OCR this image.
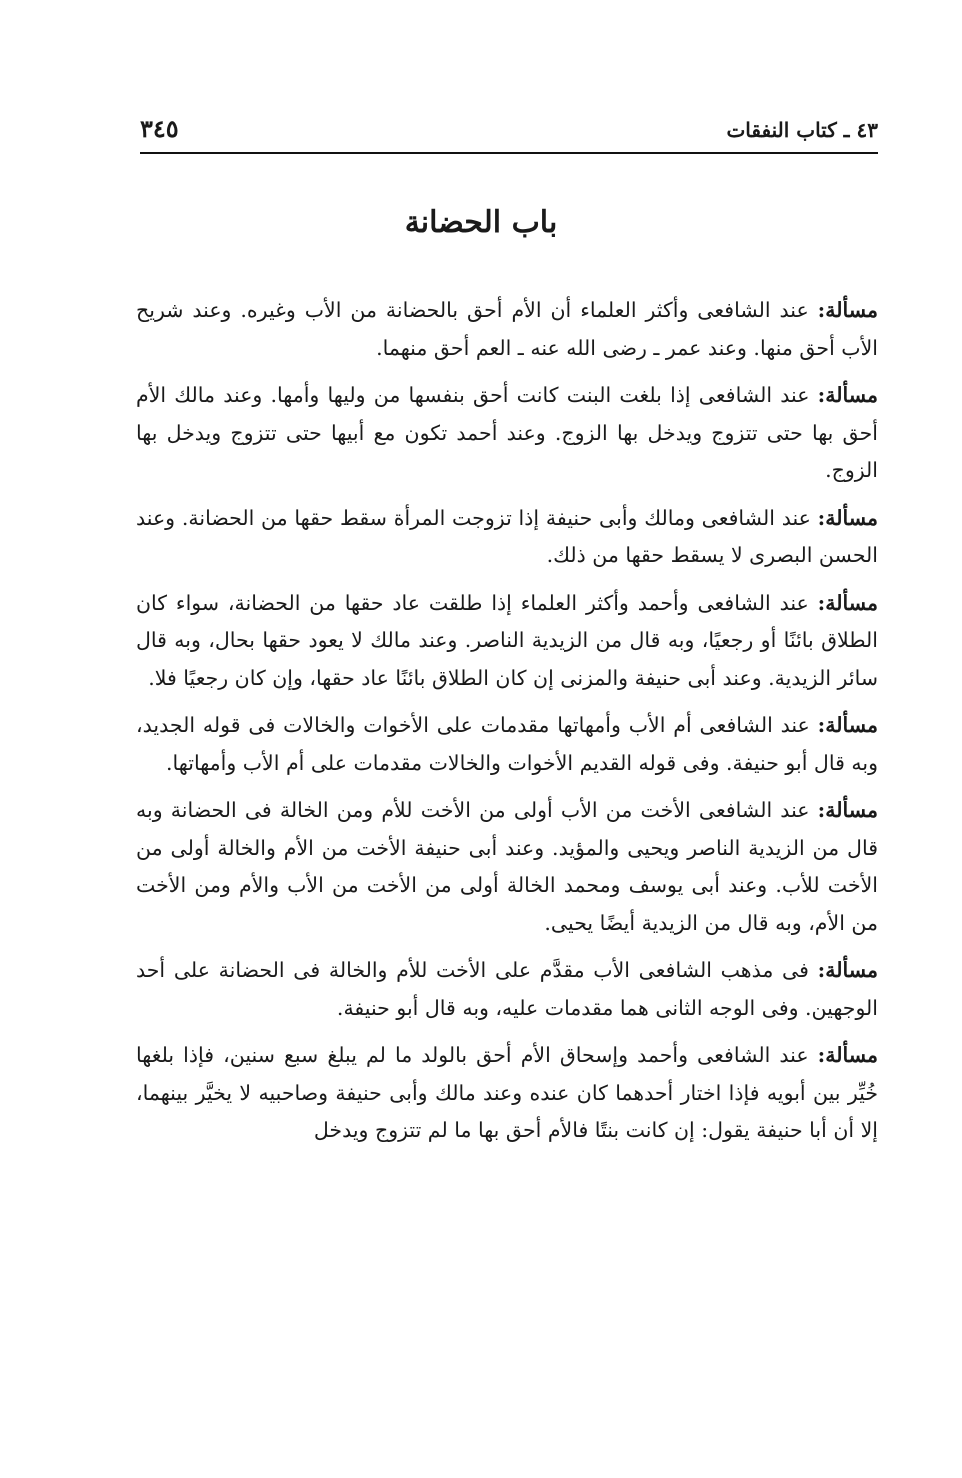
٤٣ ـ كتاب النفقات
٣٤٥
باب الحضانة

مسألة: عند الشافعى وأكثر العلماء أن الأم أحق بالحضانة من الأب وغيره. وعند شريح الأب أحق منها. وعند عمر ـ رضى الله عنه ـ العم أحق منهما.

مسألة: عند الشافعى إذا بلغت البنت كانت أحق بنفسها من وليها وأمها. وعند مالك الأم أحق بها حتى تتزوج ويدخل بها الزوج. وعند أحمد تكون مع أبيها حتى تتزوج ويدخل بها الزوج.

مسألة: عند الشافعى ومالك وأبى حنيفة إذا تزوجت المرأة سقط حقها من الحضانة. وعند الحسن البصرى لا يسقط حقها من ذلك.

مسألة: عند الشافعى وأحمد وأكثر العلماء إذا طلقت عاد حقها من الحضانة، سواء كان الطلاق بائنًا أو رجعيًا، وبه قال من الزيدية الناصر. وعند مالك لا يعود حقها بحال، وبه قال سائر الزيدية. وعند أبى حنيفة والمزنى إن كان الطلاق بائنًا عاد حقها، وإن كان رجعيًا فلا.

مسألة: عند الشافعى أم الأب وأمهاتها مقدمات على الأخوات والخالات فى قوله الجديد، وبه قال أبو حنيفة. وفى قوله القديم الأخوات والخالات مقدمات على أم الأب وأمهاتها.

مسألة: عند الشافعى الأخت من الأب أولى من الأخت للأم ومن الخالة فى الحضانة وبه قال من الزيدية الناصر ويحيى والمؤيد. وعند أبى حنيفة الأخت من الأم والخالة أولى من الأخت للأب. وعند أبى يوسف ومحمد الخالة أولى من الأخت من الأب والأم ومن الأخت من الأم، وبه قال من الزيدية أيضًا يحيى.

مسألة: فى مذهب الشافعى الأب مقدَّم على الأخت للأم والخالة فى الحضانة على أحد الوجهين. وفى الوجه الثانى هما مقدمات عليه، وبه قال أبو حنيفة.

مسألة: عند الشافعى وأحمد وإسحاق الأم أحق بالولد ما لم يبلغ سبع سنين، فإذا بلغها خُيِّر بين أبويه فإذا اختار أحدهما كان عنده وعند مالك وأبى حنيفة وصاحبيه لا يخيَّر بينهما، إلا أن أبا حنيفة يقول: إن كانت بنتًا فالأم أحق بها ما لم تتزوج ويدخل
